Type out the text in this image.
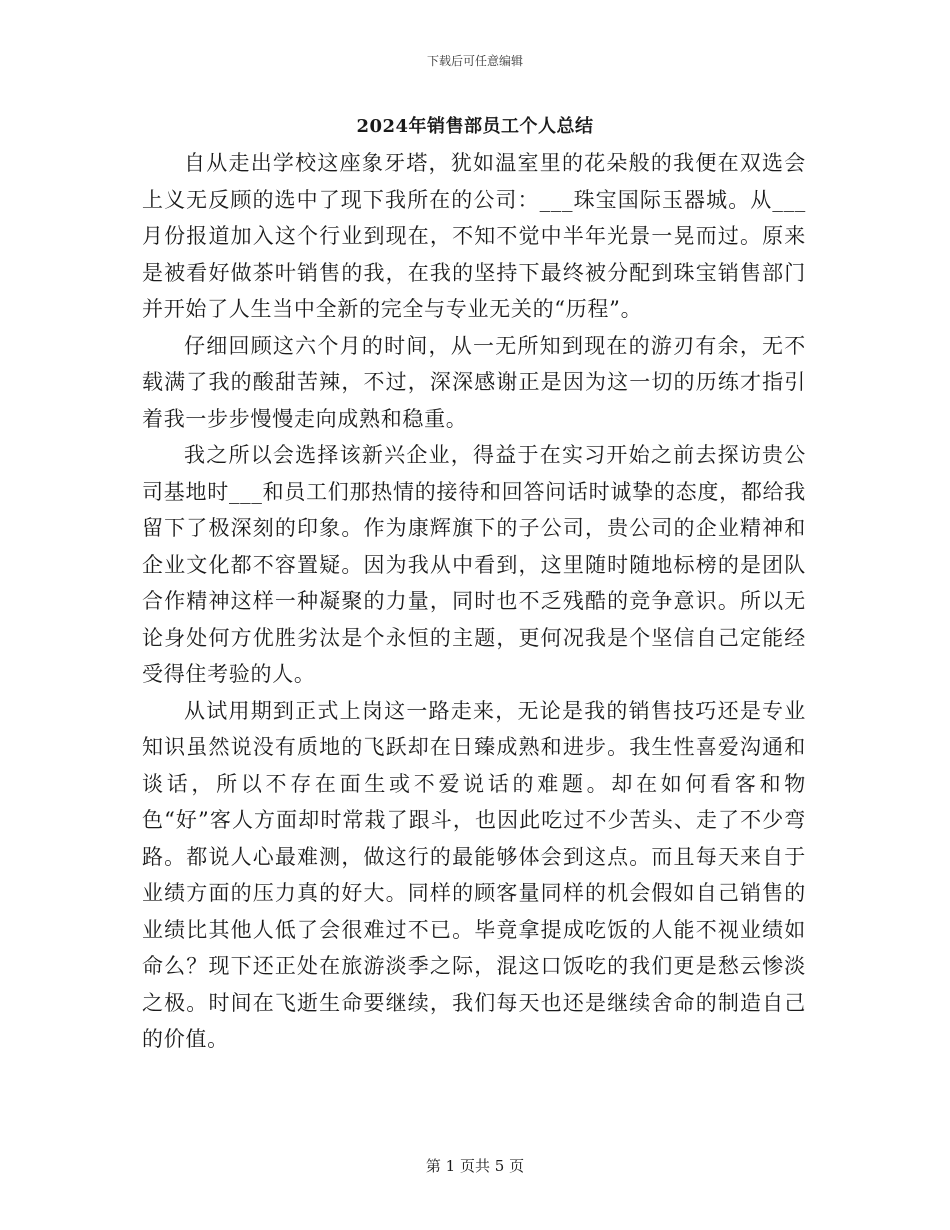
下载后可任意编辑
2024年销售部员工个人总结

自从走出学校这座象牙塔，犹如温室里的花朵般的我便在双选会上义无反顾的选中了现下我所在的公司：___珠宝国际玉器城。从___月份报道加入这个行业到现在，不知不觉中半年光景一晃而过。原来是被看好做茶叶销售的我，在我的坚持下最终被分配到珠宝销售部门并开始了人生当中全新的完全与专业无关的“历程”。

仔细回顾这六个月的时间，从一无所知到现在的游刃有余，无不载满了我的酸甜苦辣，不过，深深感谢正是因为这一切的历练才指引着我一步步慢慢走向成熟和稳重。

我之所以会选择该新兴企业，得益于在实习开始之前去探访贵公司基地时___和员工们那热情的接待和回答问话时诚挚的态度，都给我留下了极深刻的印象。作为康辉旗下的子公司，贵公司的企业精神和企业文化都不容置疑。因为我从中看到，这里随时随地标榜的是团队合作精神这样一种凝聚的力量，同时也不乏残酷的竞争意识。所以无论身处何方优胜劣汰是个永恒的主题，更何况我是个坚信自己定能经受得住考验的人。

从试用期到正式上岗这一路走来，无论是我的销售技巧还是专业知识虽然说没有质地的飞跃却在日臻成熟和进步。我生性喜爱沟通和谈话，所以不存在面生或不爱说话的难题。却在如何看客和物色“好”客人方面却时常栽了跟斗，也因此吃过不少苦头、走了不少弯路。都说人心最难测，做这行的最能够体会到这点。而且每天来自于业绩方面的压力真的好大。同样的顾客量同样的机会假如自己销售的业绩比其他人低了会很难过不已。毕竟拿提成吃饭的人能不视业绩如命么？现下还正处在旅游淡季之际，混这口饭吃的我们更是愁云惨淡之极。时间在飞逝生命要继续，我们每天也还是继续舍命的制造自己的价值。

第 1 页共 5 页
